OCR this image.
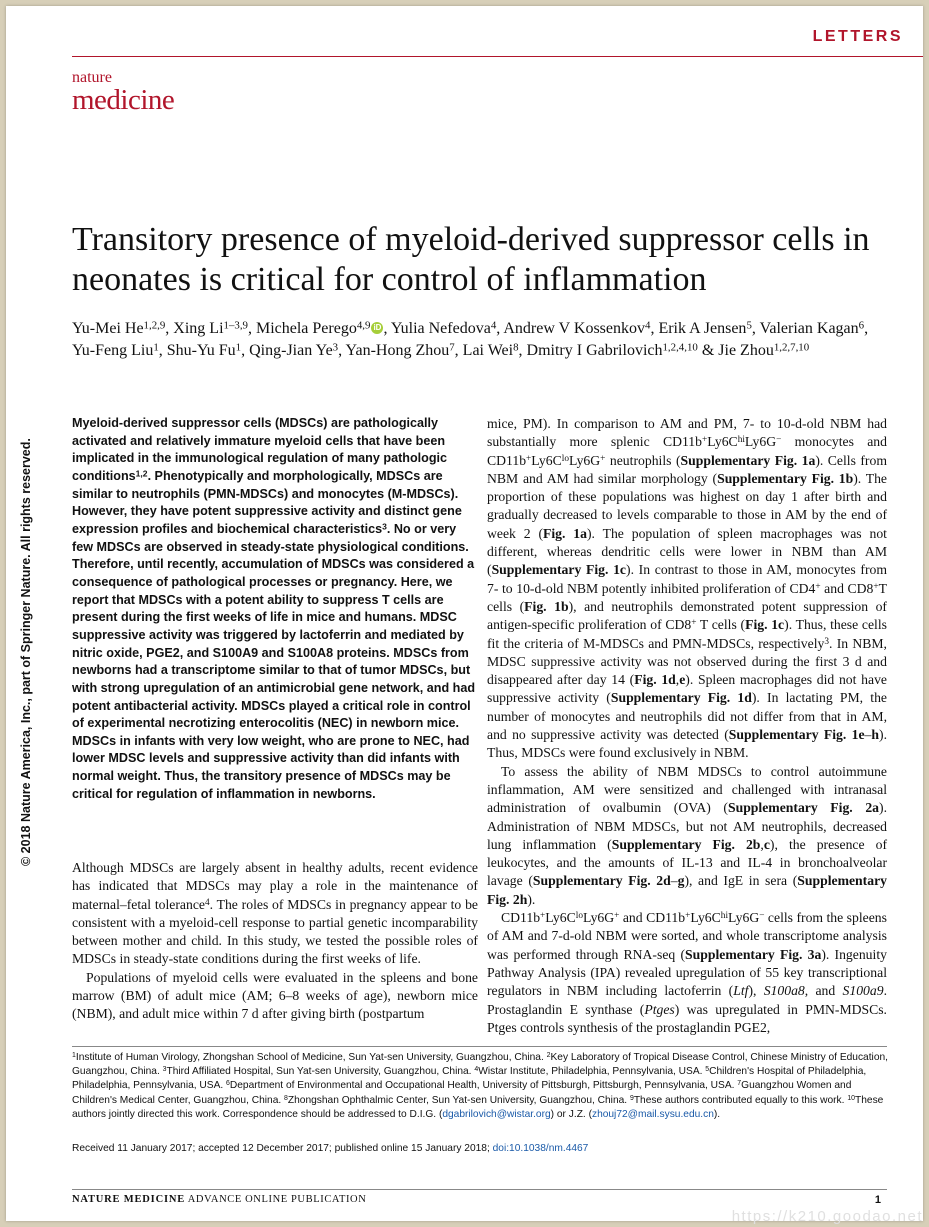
LETTERS
nature
medicine
© 2018 Nature America, Inc., part of Springer Nature. All rights reserved.
Transitory presence of myeloid-derived suppressor cells in neonates is critical for control of inflammation
Yu-Mei He$^{1,2,9}$, Xing Li$^{1-3,9}$, Michela Perego$^{4,9}$ iD , Yulia Nefedova$^4$, Andrew V Kossenkov$^4$, Erik A Jensen$^5$, Valerian Kagan$^6$, Yu-Feng Liu$^1$, Shu-Yu Fu$^1$, Qing-Jian Ye$^3$, Yan-Hong Zhou$^7$, Lai Wei$^8$, Dmitry I Gabrilovich$^{1,2,4,10}$ & Jie Zhou$^{1,2,7,10}$
Myeloid-derived suppressor cells (MDSCs) are pathologically activated and relatively immature myeloid cells that have been implicated in the immunological regulation of many pathologic conditions$^{1,2}$. Phenotypically and morphologically, MDSCs are similar to neutrophils (PMN-MDSCs) and monocytes (M-MDSCs). However, they have potent suppressive activity and distinct gene expression profiles and biochemical characteristics$^3$. No or very few MDSCs are observed in steady-state physiological conditions. Therefore, until recently, accumulation of MDSCs was considered a consequence of pathological processes or pregnancy. Here, we report that MDSCs with a potent ability to suppress T cells are present during the first weeks of life in mice and humans. MDSC suppressive activity was triggered by lactoferrin and mediated by nitric oxide, PGE2, and S100A9 and S100A8 proteins. MDSCs from newborns had a transcriptome similar to that of tumor MDSCs, but with strong upregulation of an antimicrobial gene network, and had potent antibacterial activity. MDSCs played a critical role in control of experimental necrotizing enterocolitis (NEC) in newborn mice. MDSCs in infants with very low weight, who are prone to NEC, had lower MDSC levels and suppressive activity than did infants with normal weight. Thus, the transitory presence of MDSCs may be critical for regulation of inflammation in newborns.

Although MDSCs are largely absent in healthy adults, recent evidence has indicated that MDSCs may play a role in the maintenance of maternal–fetal tolerance$^4$. The roles of MDSCs in pregnancy appear to be consistent with a myeloid-cell response to partial genetic incomparability between mother and child. In this study, we tested the possible roles of MDSCs in steady-state conditions during the first weeks of life.

Populations of myeloid cells were evaluated in the spleens and bone marrow (BM) of adult mice (AM; 6–8 weeks of age), newborn mice (NBM), and adult mice within 7 d after giving birth (postpartum

mice, PM). In comparison to AM and PM, 7- to 10-d-old NBM had substantially more splenic $CD11b^+Ly6C^{hi}Ly6G^-$ monocytes and $CD11b^+Ly6C^{lo}Ly6G^+$ neutrophils (Supplementary Fig. 1a). Cells from NBM and AM had similar morphology (Supplementary Fig. 1b). The proportion of these populations was highest on day 1 after birth and gradually decreased to levels comparable to those in AM by the end of week 2 (Fig. 1a). The population of spleen macrophages was not different, whereas dendritic cells were lower in NBM than AM (Supplementary Fig. 1c). In contrast to those in AM, monocytes from 7- to 10-d-old NBM potently inhibited proliferation of CD4+ and CD8+T cells (Fig. 1b), and neutrophils demonstrated potent suppression of antigen-specific proliferation of CD8+ T cells (Fig. 1c). Thus, these cells fit the criteria of M-MDSCs and PMN-MDSCs, respectively$^3$. In NBM, MDSC suppressive activity was not observed during the first 3 d and disappeared after day 14 (Fig. 1d,e). Spleen macrophages did not have suppressive activity (Supplementary Fig. 1d). In lactating PM, the number of monocytes and neutrophils did not differ from that in AM, and no suppressive activity was detected (Supplementary Fig. 1e–h). Thus, MDSCs were found exclusively in NBM.

To assess the ability of NBM MDSCs to control autoimmune inflammation, AM were sensitized and challenged with intranasal administration of ovalbumin (OVA) (Supplementary Fig. 2a). Administration of NBM MDSCs, but not AM neutrophils, decreased lung inflammation (Supplementary Fig. 2b,c), the presence of leukocytes, and the amounts of IL-13 and IL-4 in bronchoalveolar lavage (Supplementary Fig. 2d–g), and IgE in sera (Supplementary Fig. 2h).

$CD11b^+Ly6C^{lo}Ly6G^+$ and $CD11b^+Ly6C^{hi}Ly6G^-$ cells from the spleens of AM and 7-d-old NBM were sorted, and whole transcriptome analysis was performed through RNA-seq (Supplementary Fig. 3a). Ingenuity Pathway Analysis (IPA) revealed upregulation of 55 key transcriptional regulators in NBM including lactoferrin (Ltf), S100a8, and S100a9. Prostaglandin E synthase (Ptges) was upregulated in PMN-MDSCs. Ptges controls synthesis of the prostaglandin PGE2,

$^1$Institute of Human Virology, Zhongshan School of Medicine, Sun Yat-sen University, Guangzhou, China. $^2$Key Laboratory of Tropical Disease Control, Chinese Ministry of Education, Guangzhou, China. $^3$Third Affiliated Hospital, Sun Yat-sen University, Guangzhou, China. $^4$Wistar Institute, Philadelphia, Pennsylvania, USA. $^5$Children's Hospital of Philadelphia, Philadelphia, Pennsylvania, USA. $^6$Department of Environmental and Occupational Health, University of Pittsburgh, Pittsburgh, Pennsylvania, USA. $^7$Guangzhou Women and Children's Medical Center, Guangzhou, China. $^8$Zhongshan Ophthalmic Center, Sun Yat-sen University, Guangzhou, China. $^9$These authors contributed equally to this work. $^{10}$These authors jointly directed this work. Correspondence should be addressed to D.I.G. (dgabrilovich@wistar.org) or J.Z. (zhouj72@mail.sysu.edu.cn).
Received 11 January 2017; accepted 12 December 2017; published online 15 January 2018; doi:10.1038/nm.4467
NATURE MEDICINE ADVANCE ONLINE PUBLICATION	1
https://k210.goodao.net
